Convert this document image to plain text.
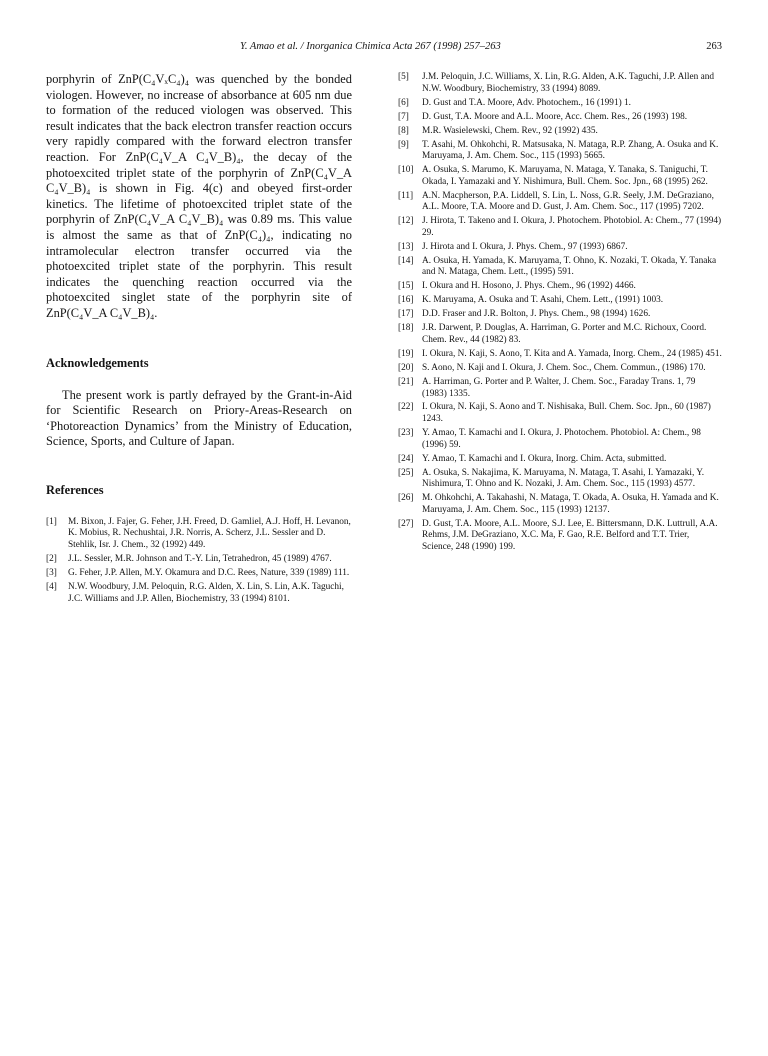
Y. Amao et al. / Inorganica Chimica Acta 267 (1998) 257–263	263

porphyrin of ZnP(C₄VₓC₄)₄ was quenched by the bonded viologen. However, no increase of absorbance at 605 nm due to formation of the reduced viologen was observed. This result indicates that the back electron transfer reaction occurs very rapidly compared with the forward electron transfer reaction. For ZnP(C₄V_A C₄V_B)₄, the decay of the photoexcited triplet state of the porphyrin of ZnP(C₄V_A C₄V_B)₄ is shown in Fig. 4(c) and obeyed first-order kinetics. The lifetime of photoexcited triplet state of the porphyrin of ZnP(C₄V_A C₄V_B)₄ was 0.89 ms. This value is almost the same as that of ZnP(C₄)₄, indicating no intramolecular electron transfer occurred via the photoexcited triplet state of the porphyrin. This result indicates the quenching reaction occurred via the photoexcited singlet state of the porphyrin site of ZnP(C₄V_A C₄V_B)₄.

Acknowledgements

The present work is partly defrayed by the Grant-in-Aid for Scientific Research on Priory-Areas-Research on ‘Photoreaction Dynamics’ from the Ministry of Education, Science, Sports, and Culture of Japan.

References

[1] M. Bixon, J. Fajer, G. Feher, J.H. Freed, D. Gamliel, A.J. Hoff, H. Levanon, K. Mobius, R. Nechushtai, J.R. Norris, A. Scherz, J.L. Sessler and D. Stehlik, Isr. J. Chem., 32 (1992) 449.
[2] J.L. Sessler, M.R. Johnson and T.-Y. Lin, Tetrahedron, 45 (1989) 4767.
[3] G. Feher, J.P. Allen, M.Y. Okamura and D.C. Rees, Nature, 339 (1989) 111.
[4] N.W. Woodbury, J.M. Peloquin, R.G. Alden, X. Lin, S. Lin, A.K. Taguchi, J.C. Williams and J.P. Allen, Biochemistry, 33 (1994) 8101.
[5] J.M. Peloquin, J.C. Williams, X. Lin, R.G. Alden, A.K. Taguchi, J.P. Allen and N.W. Woodbury, Biochemistry, 33 (1994) 8089.
[6] D. Gust and T.A. Moore, Adv. Photochem., 16 (1991) 1.
[7] D. Gust, T.A. Moore and A.L. Moore, Acc. Chem. Res., 26 (1993) 198.
[8] M.R. Wasielewski, Chem. Rev., 92 (1992) 435.
[9] T. Asahi, M. Ohkohchi, R. Matsusaka, N. Mataga, R.P. Zhang, A. Osuka and K. Maruyama, J. Am. Chem. Soc., 115 (1993) 5665.
[10] A. Osuka, S. Marumo, K. Maruyama, N. Mataga, Y. Tanaka, S. Taniguchi, T. Okada, I. Yamazaki and Y. Nishimura, Bull. Chem. Soc. Jpn., 68 (1995) 262.
[11] A.N. Macpherson, P.A. Liddell, S. Lin, L. Noss, G.R. Seely, J.M. DeGraziano, A.L. Moore, T.A. Moore and D. Gust, J. Am. Chem. Soc., 117 (1995) 7202.
[12] J. Hirota, T. Takeno and I. Okura, J. Photochem. Photobiol. A: Chem., 77 (1994) 29.
[13] J. Hirota and I. Okura, J. Phys. Chem., 97 (1993) 6867.
[14] A. Osuka, H. Yamada, K. Maruyama, T. Ohno, K. Nozaki, T. Okada, Y. Tanaka and N. Mataga, Chem. Lett., (1995) 591.
[15] I. Okura and H. Hosono, J. Phys. Chem., 96 (1992) 4466.
[16] K. Maruyama, A. Osuka and T. Asahi, Chem. Lett., (1991) 1003.
[17] D.D. Fraser and J.R. Bolton, J. Phys. Chem., 98 (1994) 1626.
[18] J.R. Darwent, P. Douglas, A. Harriman, G. Porter and M.C. Richoux, Coord. Chem. Rev., 44 (1982) 83.
[19] I. Okura, N. Kaji, S. Aono, T. Kita and A. Yamada, Inorg. Chem., 24 (1985) 451.
[20] S. Aono, N. Kaji and I. Okura, J. Chem. Soc., Chem. Commun., (1986) 170.
[21] A. Harriman, G. Porter and P. Walter, J. Chem. Soc., Faraday Trans. 1, 79 (1983) 1335.
[22] I. Okura, N. Kaji, S. Aono and T. Nishisaka, Bull. Chem. Soc. Jpn., 60 (1987) 1243.
[23] Y. Amao, T. Kamachi and I. Okura, J. Photochem. Photobiol. A: Chem., 98 (1996) 59.
[24] Y. Amao, T. Kamachi and I. Okura, Inorg. Chim. Acta, submitted.
[25] A. Osuka, S. Nakajima, K. Maruyama, N. Mataga, T. Asahi, I. Yamazaki, Y. Nishimura, T. Ohno and K. Nozaki, J. Am. Chem. Soc., 115 (1993) 4577.
[26] M. Ohkohchi, A. Takahashi, N. Mataga, T. Okada, A. Osuka, H. Yamada and K. Maruyama, J. Am. Chem. Soc., 115 (1993) 12137.
[27] D. Gust, T.A. Moore, A.L. Moore, S.J. Lee, E. Bittersmann, D.K. Luttrull, A.A. Rehms, J.M. DeGraziano, X.C. Ma, F. Gao, R.E. Belford and T.T. Trier, Science, 248 (1990) 199.
